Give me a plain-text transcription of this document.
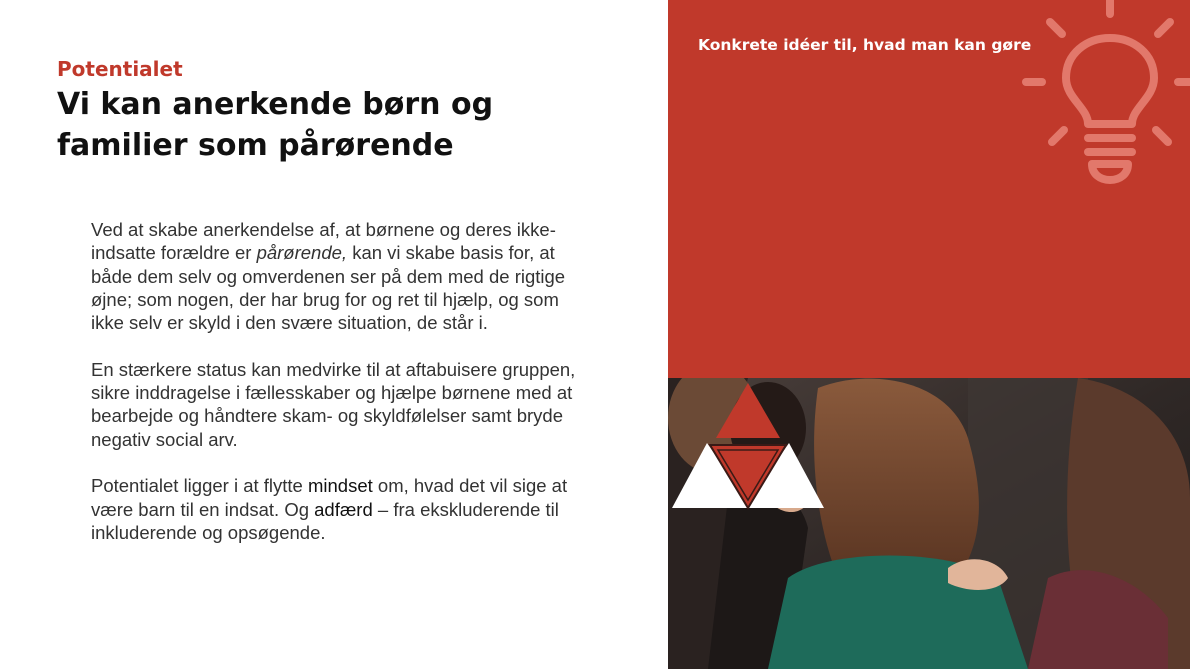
Potentialet
Vi kan anerkende børn og
familier som pårørende

Ved at skabe anerkendelse af, at børnene og deres ikke-indsatte forældre er pårørende, kan vi skabe basis for, at både dem selv og omverdenen ser på dem med de rigtige øjne; som nogen, der har brug for og ret til hjælp, og som ikke selv er skyld i den svære situation, de står i.

En stærkere status kan medvirke til at aftabuisere gruppen, sikre inddragelse i fællesskaber og hjælpe børnene med at bearbejde og håndtere skam- og skyldfølelser samt bryde negativ social arv.

Potentialet ligger i at flytte mindset om, hvad det vil sige at være barn til en indsat. Og adfærd – fra ekskluderende til inkluderende og opsøgende.

Konkrete idéer til, hvad man kan gøre
